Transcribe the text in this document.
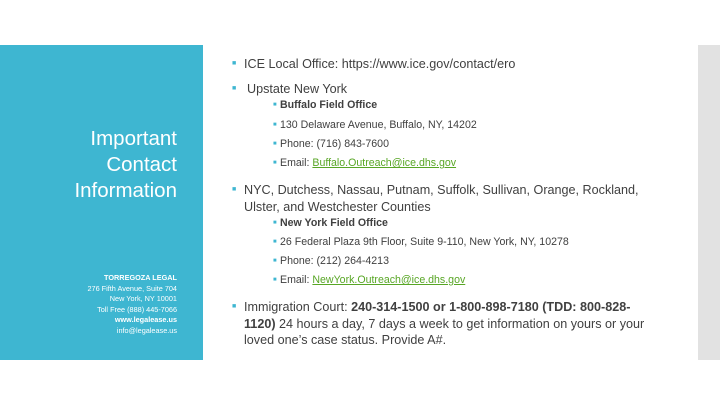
Important
Contact
Information
TORREGOZA LEGAL
276 Fifth Avenue, Suite 704
New York, NY 10001
Toll Free (888) 445-7066
www.legalease.us
info@legalease.us
■ ICE Local Office: https://www.ice.gov/contact/ero
■ Upstate New York
■ Buffalo Field Office
■ 130 Delaware Avenue, Buffalo, NY, 14202
■ Phone: (716) 843-7600
■ Email: Buffalo.Outreach@ice.dhs.gov
■ NYC, Dutchess, Nassau, Putnam, Suffolk, Sullivan, Orange, Rockland, Ulster, and Westchester Counties
■ New York Field Office
■ 26 Federal Plaza 9th Floor, Suite 9-110, New York, NY, 10278
■ Phone: (212) 264-4213
■ Email: NewYork.Outreach@ice.dhs.gov
■ Immigration Court: 240-314-1500 or 1-800-898-7180 (TDD: 800-828-1120) 24 hours a day, 7 days a week to get information on yours or your loved one’s case status. Provide A#.
